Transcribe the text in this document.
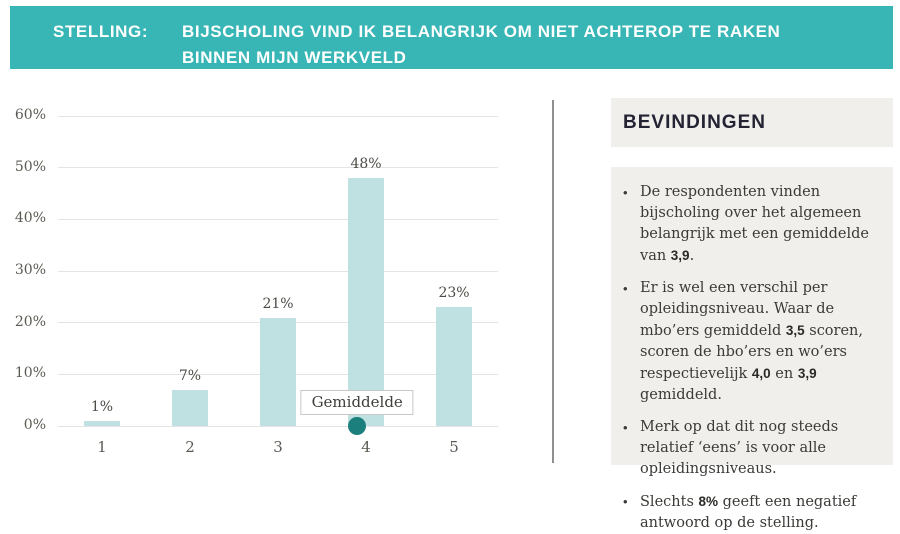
STELLING:	BIJSCHOLING VIND IK BELANGRIJK OM NIET ACHTEROP TE RAKEN
BINNEN MIJN WERKVELD
0%
10%
20%
30%
40%
50%
60%
1%
1
7%
2
21%
3
48%
4
23%
5
Gemiddelde
BEVINDINGEN
• De respondenten vinden bijscholing over het algemeen belangrijk met een gemiddelde van 3,9.
• Er is wel een verschil per opleidingsniveau. Waar de mbo’ers gemiddeld 3,5 scoren, scoren de hbo’ers en wo’ers respectievelijk 4,0 en 3,9 gemiddeld.
• Merk op dat dit nog steeds relatief ‘eens’ is voor alle opleidingsniveaus.
• Slechts 8% geeft een negatief antwoord op de stelling.
